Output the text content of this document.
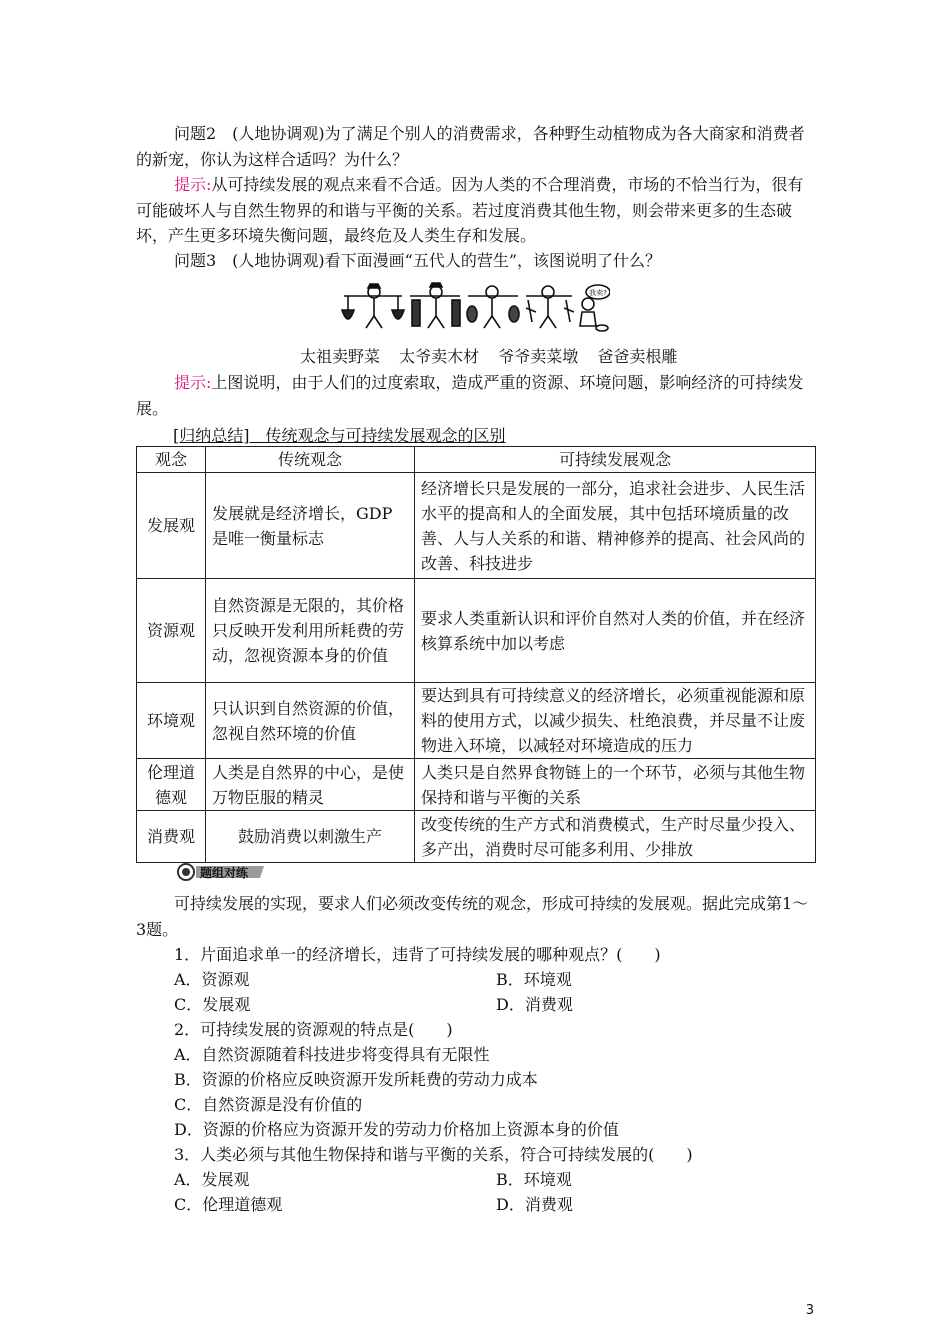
问题2　(人地协调观)为了满足个别人的消费需求，各种野生动植物成为各大商家和消费者的新宠，你认为这样合适吗？为什么？
提示:从可持续发展的观点来看不合适。因为人类的不合理消费，市场的不恰当行为，很有可能破坏人与自然生物界的和谐与平衡的关系。若过度消费其他生物，则会带来更多的生态破坏，产生更多环境失衡问题，最终危及人类生存和发展。
问题3　(人地协调观)看下面漫画“五代人的营生”，该图说明了什么？
我卖?
太祖卖野菜 太爷卖木材 爷爷卖菜墩 爸爸卖根雕
提示:上图说明，由于人们的过度索取，造成严重的资源、环境问题，影响经济的可持续发展。
[归纳总结]　传统观念与可持续发展观念的区别
观念	传统观念	可持续发展观念
发展观	发展就是经济增长，GDP是唯一衡量标志	经济增长只是发展的一部分，追求社会进步、人民生活水平的提高和人的全面发展，其中包括环境质量的改善、人与人关系的和谐、精神修养的提高、社会风尚的改善、科技进步
资源观	自然资源是无限的，其价格只反映开发利用所耗费的劳动，忽视资源本身的价值	要求人类重新认识和评价自然对人类的价值，并在经济核算系统中加以考虑
环境观	只认识到自然资源的价值，忽视自然环境的价值	要达到具有可持续意义的经济增长，必须重视能源和原料的使用方式，以减少损失、杜绝浪费，并尽量不让废物进入环境，以减轻对环境造成的压力
伦理道德观	人类是自然界的中心，是使万物臣服的精灵	人类只是自然界食物链上的一个环节，必须与其他生物保持和谐与平衡的关系
消费观	鼓励消费以刺激生产	改变传统的生产方式和消费模式，生产时尽量少投入、多产出，消费时尽可能多利用、少排放
题组对练
可持续发展的实现，要求人们必须改变传统的观念，形成可持续的发展观。据此完成第1～3题。
1．片面追求单一的经济增长，违背了可持续发展的哪种观点？(　　)
A．资源观	B．环境观
C．发展观	D．消费观
2．可持续发展的资源观的特点是(　　)
A．自然资源随着科技进步将变得具有无限性
B．资源的价格应反映资源开发所耗费的劳动力成本
C．自然资源是没有价值的
D．资源的价格应为资源开发的劳动力价格加上资源本身的价值
3．人类必须与其他生物保持和谐与平衡的关系，符合可持续发展的(　　)
A．发展观	B．环境观
C．伦理道德观	D．消费观
3
